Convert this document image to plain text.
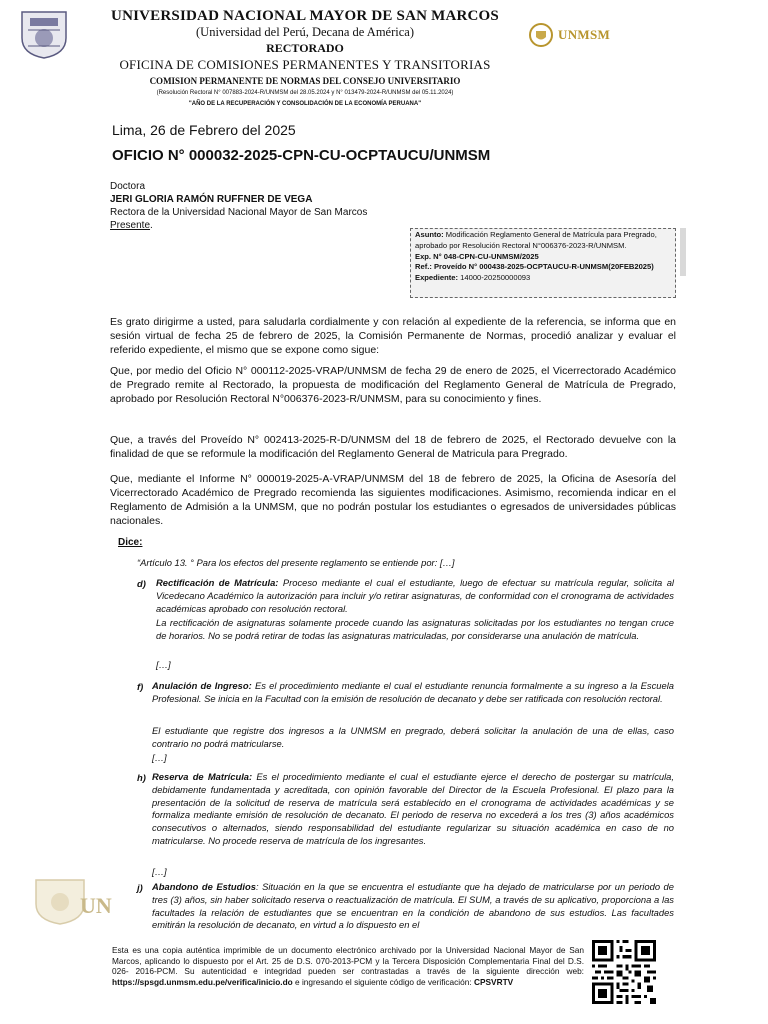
UNIVERSIDAD NACIONAL MAYOR DE SAN MARCOS
(Universidad del Perú, Decana de América)
RECTORADO
OFICINA DE COMISIONES PERMANENTES Y TRANSITORIAS
COMISION PERMANENTE DE NORMAS DEL CONSEJO UNIVERSITARIO
(Resolución Rectoral N° 007883-2024-R/UNMSM del 28.05.2024 y N° 013479-2024-R/UNMSM del 05.11.2024)
"AÑO DE LA RECUPERACIÓN Y CONSOLIDACIÓN DE LA ECONOMÍA PERUANA"
UNMSM
Lima, 26 de Febrero del 2025
OFICIO N° 000032-2025-CPN-CU-OCPTAUCU/UNMSM
Doctora
JERI GLORIA RAMÓN RUFFNER DE VEGA
Rectora de la Universidad Nacional Mayor de San Marcos
Presente.
Asunto: Modificación Reglamento General de Matrícula para Pregrado, aprobado por Resolución Rectoral N°006376-2023-R/UNMSM.
Exp. N° 048-CPN-CU-UNMSM/2025
Ref.: Proveído N° 000438-2025-OCPTAUCU-R-UNMSM(20FEB2025)
Expediente: 14000-20250000093
Es grato dirigirme a usted, para saludarla cordialmente y con relación al expediente de la referencia, se informa que en sesión virtual de fecha 25 de febrero de 2025, la Comisión Permanente de Normas, procedió analizar y evaluar el referido expediente, el mismo que se expone como sigue:
Que, por medio del Oficio N° 000112-2025-VRAP/UNMSM de fecha 29 de enero de 2025, el Vicerrectorado Académico de Pregrado remite al Rectorado, la propuesta de modificación del Reglamento General de Matrícula de Pregrado, aprobado por Resolución Rectoral N°006376-2023-R/UNMSM, para su conocimiento y fines.
Que, a través del Proveído N° 002413-2025-R-D/UNMSM del 18 de febrero de 2025, el Rectorado devuelve con la finalidad de que se reformule la modificación del Reglamento General de Matricula para Pregrado.
Que, mediante el Informe N° 000019-2025-A-VRAP/UNMSM del 18 de febrero de 2025, la Oficina de Asesoría del Vicerrectorado Académico de Pregrado recomienda las siguientes modificaciones. Asimismo, recomienda indicar en el Reglamento de Admisión a la UNMSM, que no podrán postular los estudiantes o egresados de universidades públicas nacionales.
Dice:
“Artículo 13. ° Para los efectos del presente reglamento se entiende por: […]
d) Rectificación de Matrícula: Proceso mediante el cual el estudiante, luego de efectuar su matrícula regular, solicita al Vicedecano Académico la autorización para incluir y/o retirar asignaturas, de conformidad con el cronograma de actividades académicas aprobado con resolución rectoral.
La rectificación de asignaturas solamente procede cuando las asignaturas solicitadas por los estudiantes no tengan cruce de horarios. No se podrá retirar de todas las asignaturas matriculadas, por considerarse una anulación de matrícula.
[…]
f) Anulación de Ingreso: Es el procedimiento mediante el cual el estudiante renuncia formalmente a su ingreso a la Escuela Profesional. Se inicia en la Facultad con la emisión de resolución de decanato y debe ser ratificada con resolución rectoral.
El estudiante que registre dos ingresos a la UNMSM en pregrado, deberá solicitar la anulación de una de ellas, caso contrario no podrá matricularse.
[…]
h) Reserva de Matrícula: Es el procedimiento mediante el cual el estudiante ejerce el derecho de postergar su matrícula, debidamente fundamentada y acreditada, con opinión favorable del Director de la Escuela Profesional. El plazo para la presentación de la solicitud de reserva de matrícula será establecido en el cronograma de actividades académicas y se formaliza mediante emisión de resolución de decanato. El periodo de reserva no excederá a los tres (3) años académicos consecutivos o alternados, siendo responsabilidad del estudiante regularizar su situación académica en caso de no matricularse. No procede reserva de matrícula de los ingresantes.
[…]
j) Abandono de Estudios: Situación en la que se encuentra el estudiante que ha dejado de matricularse por un periodo de tres (3) años, sin haber solicitado reserva o reactualización de matrícula. El SUM, a través de su aplicativo, proporciona a las facultades la relación de estudiantes que se encuentran en la condición de abandono de sus estudios. Las facultades emitirán la resolución de decanato, en virtud a lo dispuesto en el
UN
Esta es una copia auténtica imprimible de un documento electrónico archivado por la Universidad Nacional Mayor de San Marcos, aplicando lo dispuesto por el Art. 25 de D.S. 070-2013-PCM y la Tercera Disposición Complementaria Final del D.S. 026- 2016-PCM. Su autenticidad e integridad pueden ser contrastadas a través de la siguiente dirección web: https://spsgd.unmsm.edu.pe/verifica/inicio.do e ingresando el siguiente código de verificación: CPSVRTV
